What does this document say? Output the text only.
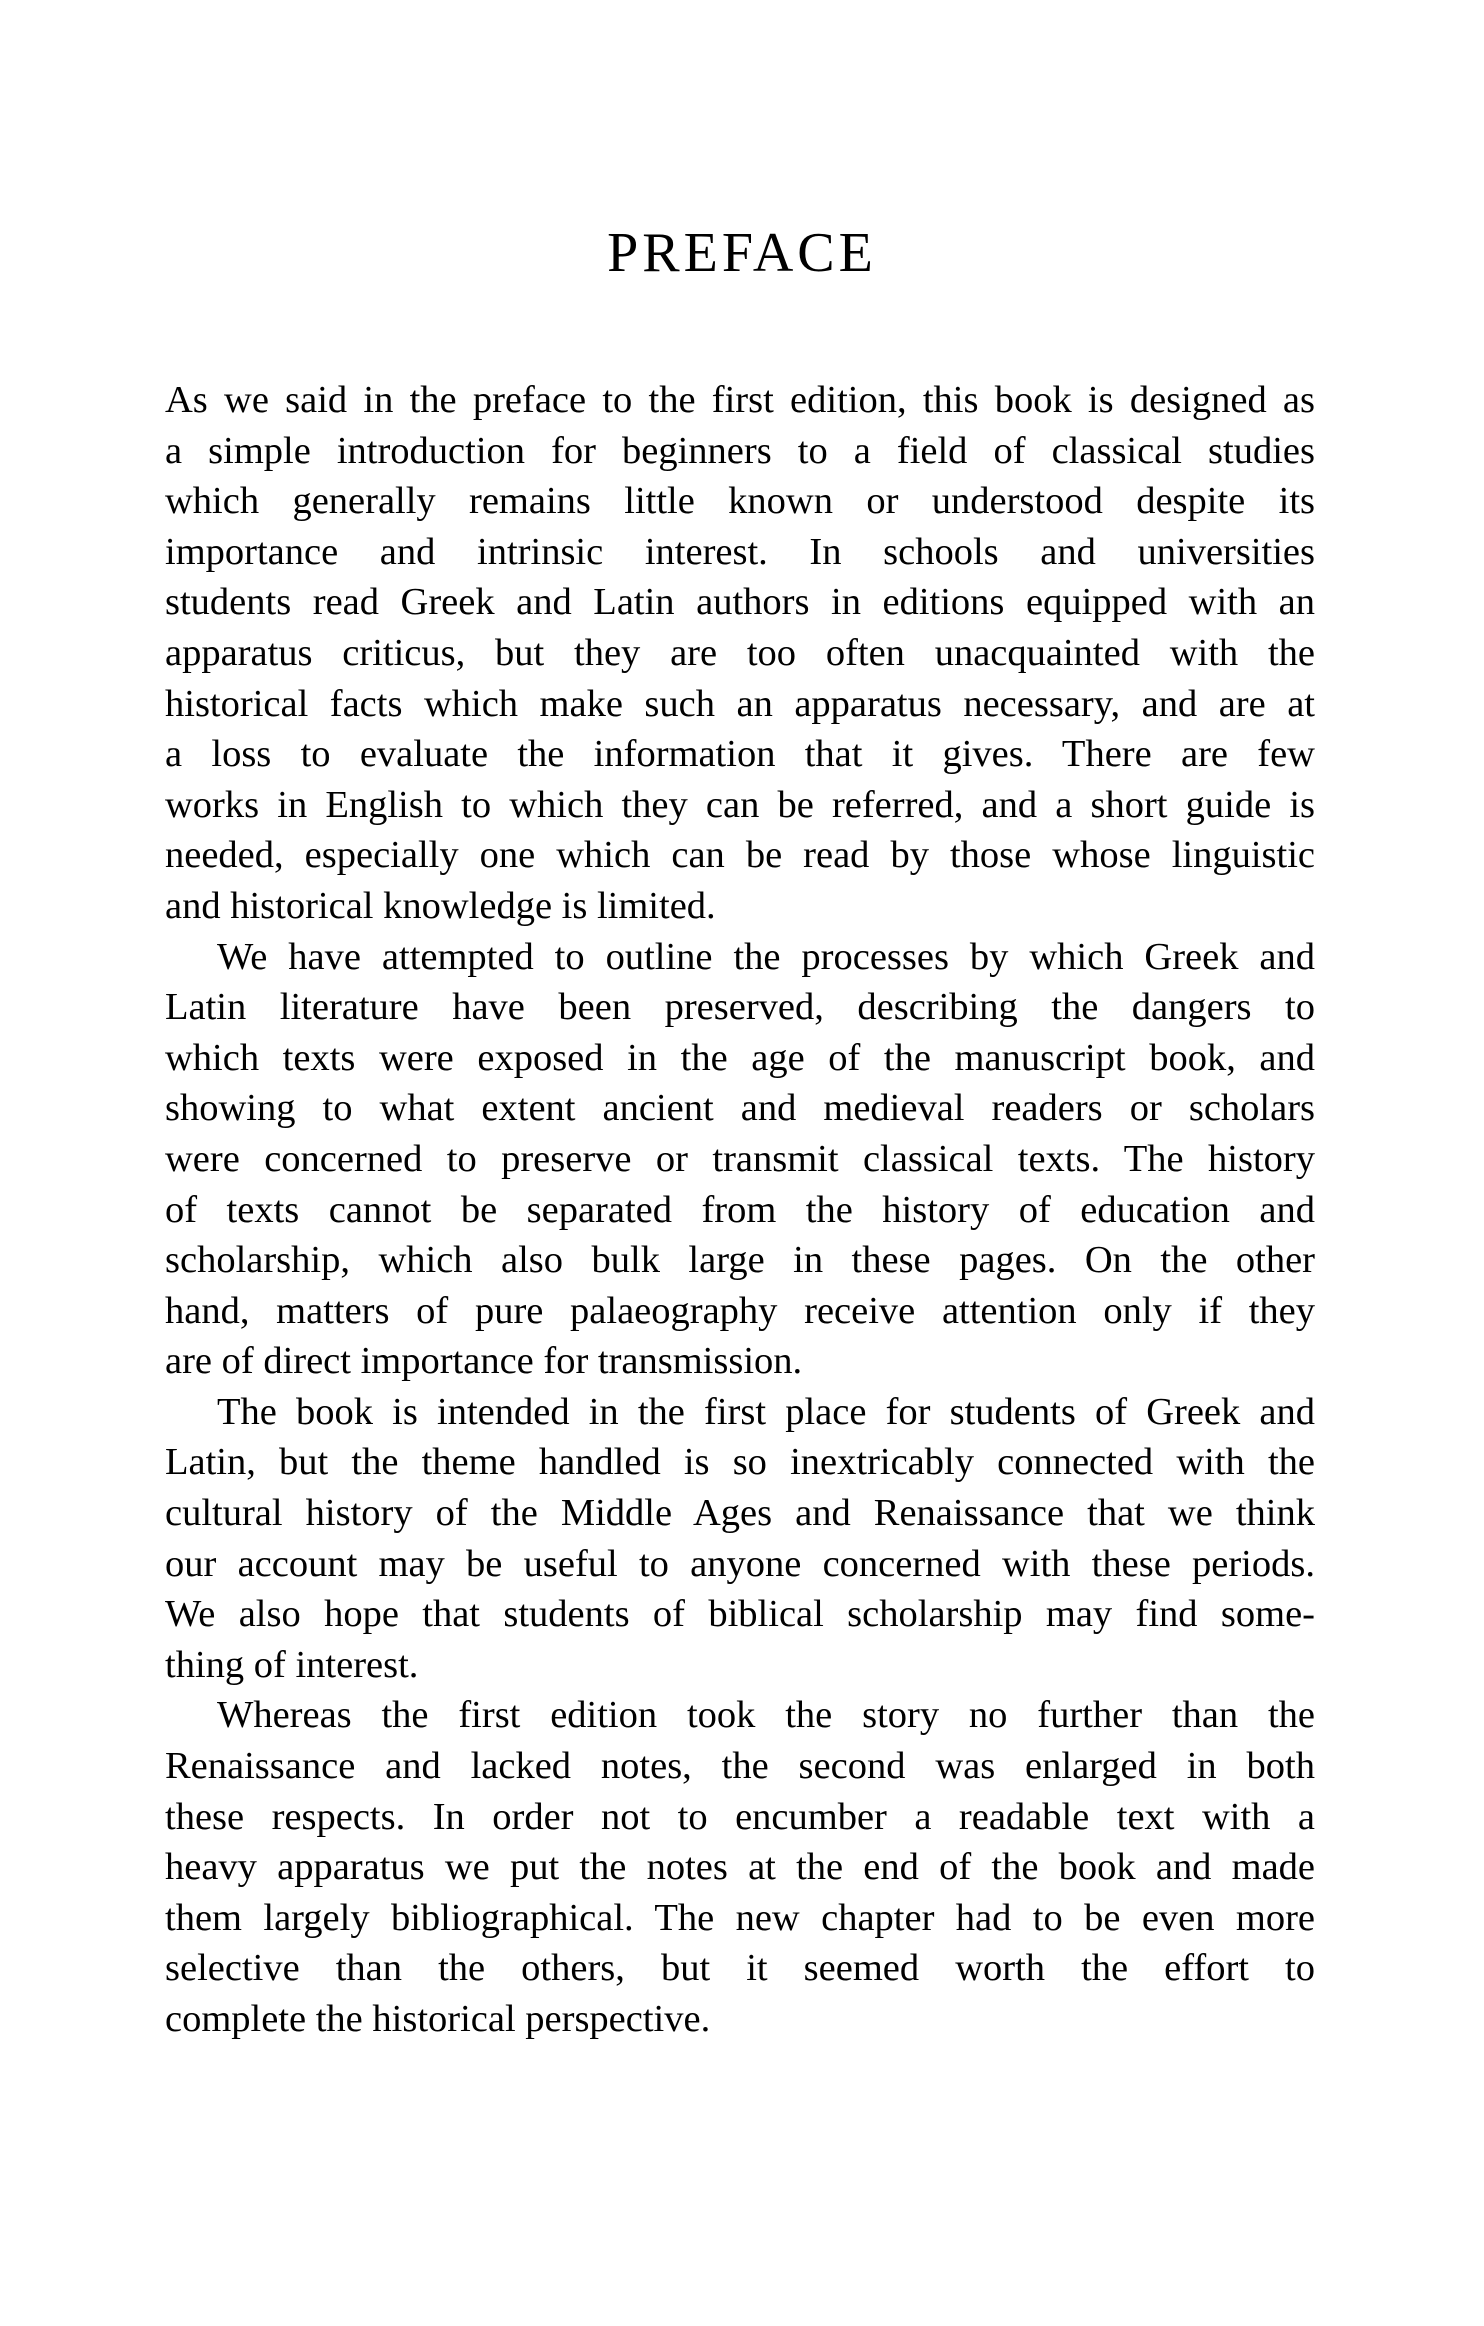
PREFACE
As we said in the preface to the first edition, this book is designed as
a simple introduction for beginners to a field of classical studies
which generally remains little known or understood despite its
importance and intrinsic interest. In schools and universities
students read Greek and Latin authors in editions equipped with an
apparatus criticus, but they are too often unacquainted with the
historical facts which make such an apparatus necessary, and are at
a loss to evaluate the information that it gives. There are few
works in English to which they can be referred, and a short guide is
needed, especially one which can be read by those whose linguistic
and historical knowledge is limited.
We have attempted to outline the processes by which Greek and
Latin literature have been preserved, describing the dangers to
which texts were exposed in the age of the manuscript book, and
showing to what extent ancient and medieval readers or scholars
were concerned to preserve or transmit classical texts. The history
of texts cannot be separated from the history of education and
scholarship, which also bulk large in these pages. On the other
hand, matters of pure palaeography receive attention only if they
are of direct importance for transmission.
The book is intended in the first place for students of Greek and
Latin, but the theme handled is so inextricably connected with the
cultural history of the Middle Ages and Renaissance that we think
our account may be useful to anyone concerned with these periods.
We also hope that students of biblical scholarship may find some-
thing of interest.
Whereas the first edition took the story no further than the
Renaissance and lacked notes, the second was enlarged in both
these respects. In order not to encumber a readable text with a
heavy apparatus we put the notes at the end of the book and made
them largely bibliographical. The new chapter had to be even more
selective than the others, but it seemed worth the effort to
complete the historical perspective.
